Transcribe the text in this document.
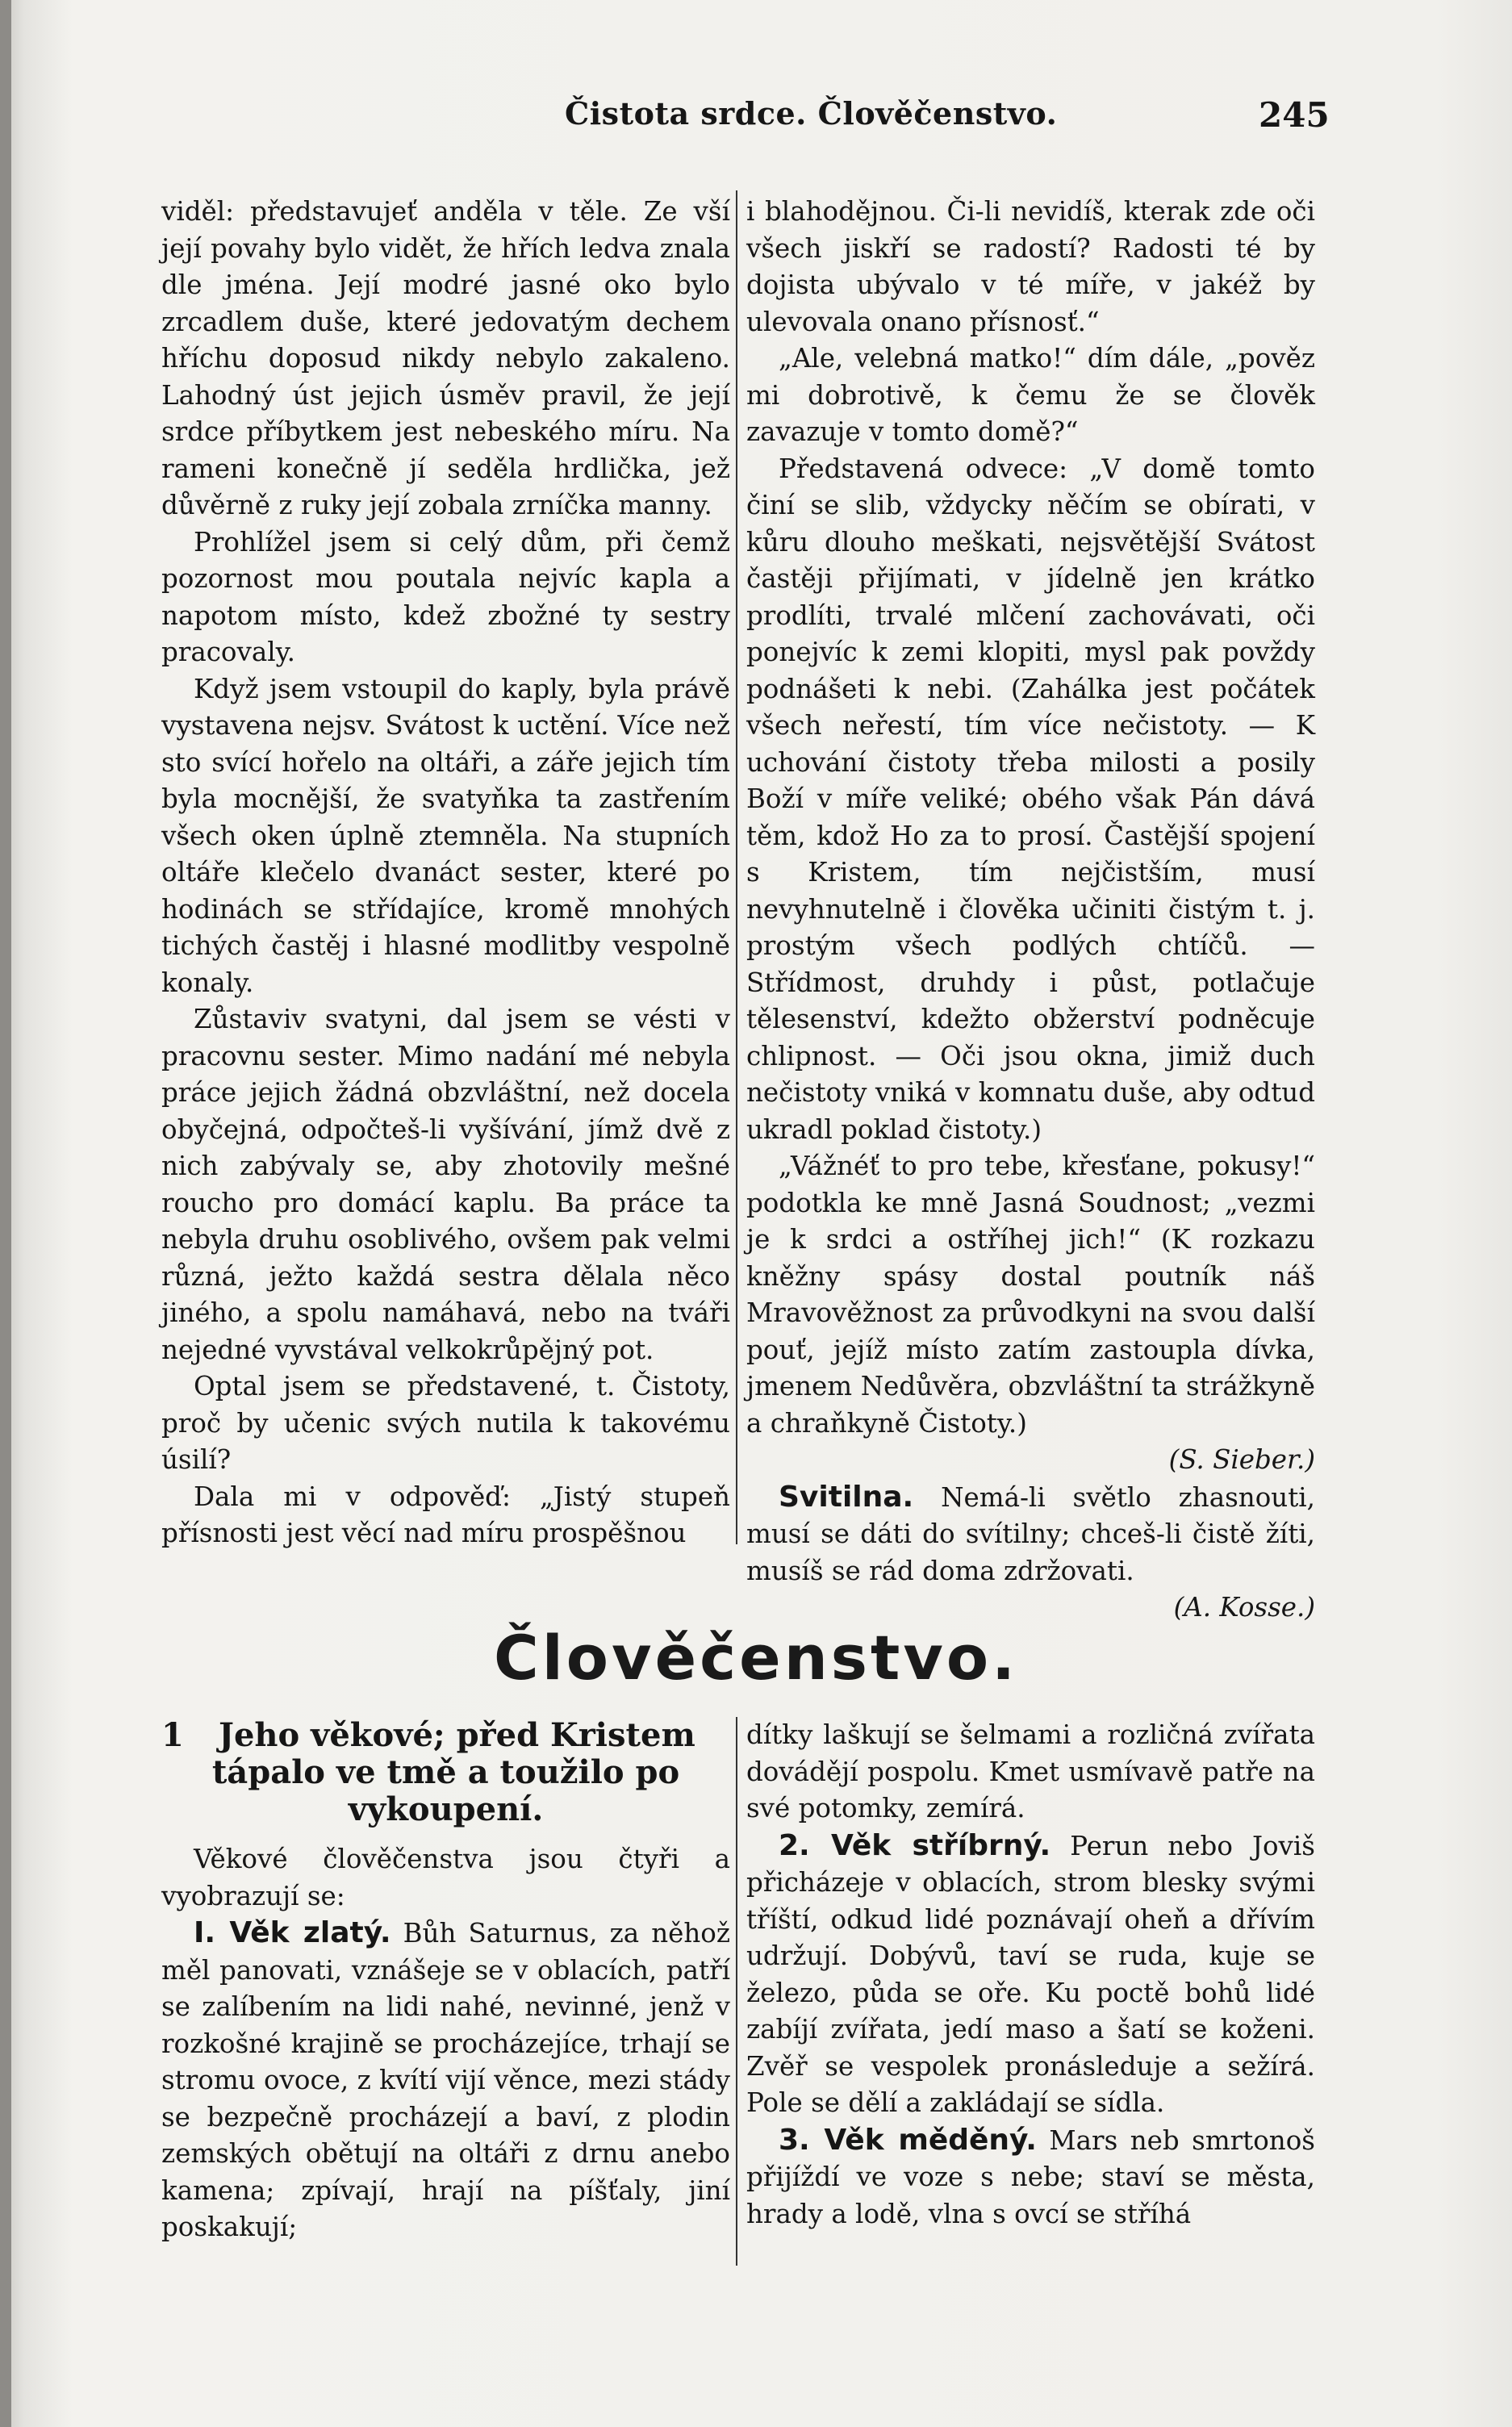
Čistota srdce. Člověčenstvo.	245

viděl: představujeť anděla v těle. Ze vší její povahy bylo vidět, že hřích ledva znala dle jména. Její modré jasné oko bylo zrcadlem duše, které jedovatým dechem hříchu doposud nikdy nebylo zakaleno. Lahodný úst jejich úsměv pravil, že její srdce příbytkem jest nebeského míru. Na rameni konečně jí seděla hrdlička, jež důvěrně z ruky její zobala zrníčka manny.

Prohlížel jsem si celý dům, při čemž pozornost mou poutala nejvíc kapla a napotom místo, kdež zbožné ty sestry pracovaly.

Když jsem vstoupil do kaply, byla právě vystavena nejsv. Svátost k uctění. Více než sto svící hořelo na oltáři, a záře jejich tím byla mocnější, že svatyňka ta zastřením všech oken úplně ztemněla. Na stupních oltáře klečelo dvanáct sester, které po hodinách se střídajíce, kromě mnohých tichých častěj i hlasné modlitby vespolně konaly.

Zůstaviv svatyni, dal jsem se vésti v pracovnu sester. Mimo nadání mé nebyla práce jejich žádná obzvláštní, než docela obyčejná, odpočteš-li vyšívání, jímž dvě z nich zabývaly se, aby zhotovily mešné roucho pro domácí kaplu. Ba práce ta nebyla druhu osoblivého, ovšem pak velmi různá, ježto každá sestra dělala něco jiného, a spolu namáhavá, nebo na tváři nejedné vyvstával velkokrůpějný pot.

Optal jsem se představené, t. Čistoty, proč by učenic svých nutila k takovému úsilí?

Dala mi v odpověď: „Jistý stupeň přísnosti jest věcí nad míru prospěšnou

i blahodějnou. Či-li nevidíš, kterak zde oči všech jiskří se radostí? Radosti té by dojista ubývalo v té míře, v jakéž by ulevovala onano přísnosť.“

„Ale, velebná matko!“ dím dále, „pověz mi dobrotivě, k čemu že se člověk zavazuje v tomto domě?“

Představená odvece: „V domě tomto činí se slib, vždycky něčím se obírati, v kůru dlouho meškati, nejsvětější Svátost častěji přijímati, v jídelně jen krátko prodlíti, trvalé mlčení zachovávati, oči ponejvíc k zemi klopiti, mysl pak povždy podnášeti k nebi. (Zahálka jest počátek všech neřestí, tím více nečistoty. — K uchování čistoty třeba milosti a posily Boží v míře veliké; obého však Pán dává těm, kdož Ho za to prosí. Častější spojení s Kristem, tím nejčistším, musí nevyhnutelně i člověka učiniti čistým t. j. prostým všech podlých chtíčů. — Střídmost, druhdy i půst, potlačuje tělesenství, kdežto obžerství podněcuje chlipnost. — Oči jsou okna, jimiž duch nečistoty vniká v komnatu duše, aby odtud ukradl poklad čistoty.)

„Vážnéť to pro tebe, křesťane, pokusy!“ podotkla ke mně Jasná Soudnost; „vezmi je k srdci a ostříhej jich!“ (K rozkazu kněžny spásy dostal poutník náš Mravověžnost za průvodkyni na svou další pouť, jejíž místo zatím zastoupla dívka, jmenem Nedůvěra, obzvláštní ta strážkyně a chraňkyně Čistoty.)

(S. Sieber.)

Svitilna. Nemá-li světlo zhasnouti, musí se dáti do svítilny; chceš-li čistě žíti, musíš se rád doma zdržovati.

(A. Kosse.)

Člověčenstvo.
1 Jeho věkové; před Kristem tápalo ve tmě a toužilo po vykoupení.

Věkové člověčenstva jsou čtyři a vyobrazují se:

I. Věk zlatý. Bůh Saturnus, za něhož měl panovati, vznášeje se v oblacích, patří se zalíbením na lidi nahé, nevinné, jenž v rozkošné krajině se procházejíce, trhají se stromu ovoce, z kvítí vijí věnce, mezi stády se bezpečně procházejí a baví, z plodin zemských obětují na oltáři z drnu anebo kamena; zpívají, hrají na píšťaly, jiní poskakují;

dítky laškují se šelmami a rozličná zvířata dovádějí pospolu. Kmet usmívavě patře na své potomky, zemírá.

2. Věk stříbrný. Perun nebo Joviš přicházeje v oblacích, strom blesky svými tříští, odkud lidé poznávají oheň a dřívím udržují. Dobývů, taví se ruda, kuje se železo, půda se oře. Ku poctě bohů lidé zabíjí zvířata, jedí maso a šatí se koženi. Zvěř se vespolek pronásleduje a sežírá. Pole se dělí a zakládají se sídla.

3. Věk měděný. Mars neb smrtonoš přijíždí ve voze s nebe; staví se města, hrady a lodě, vlna s ovcí se stříhá
